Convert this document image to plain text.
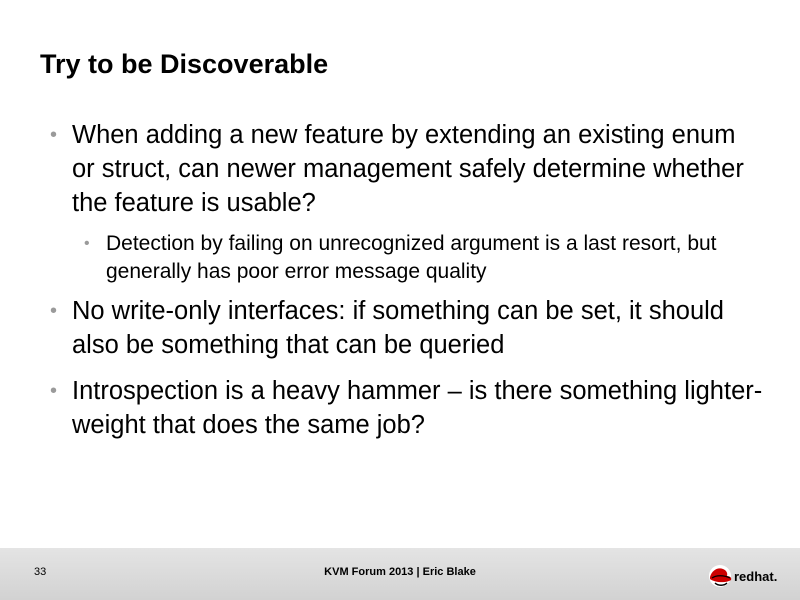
Try to be Discoverable
• When adding a new feature by extending an existing enum or struct, can newer management safely determine whether the feature is usable?
• Detection by failing on unrecognized argument is a last resort, but generally has poor error message quality
• No write-only interfaces: if something can be set, it should also be something that can be queried
• Introspection is a heavy hammer – is there something lighter-weight that does the same job?
33	KVM Forum 2013 | Eric Blake	redhat.
